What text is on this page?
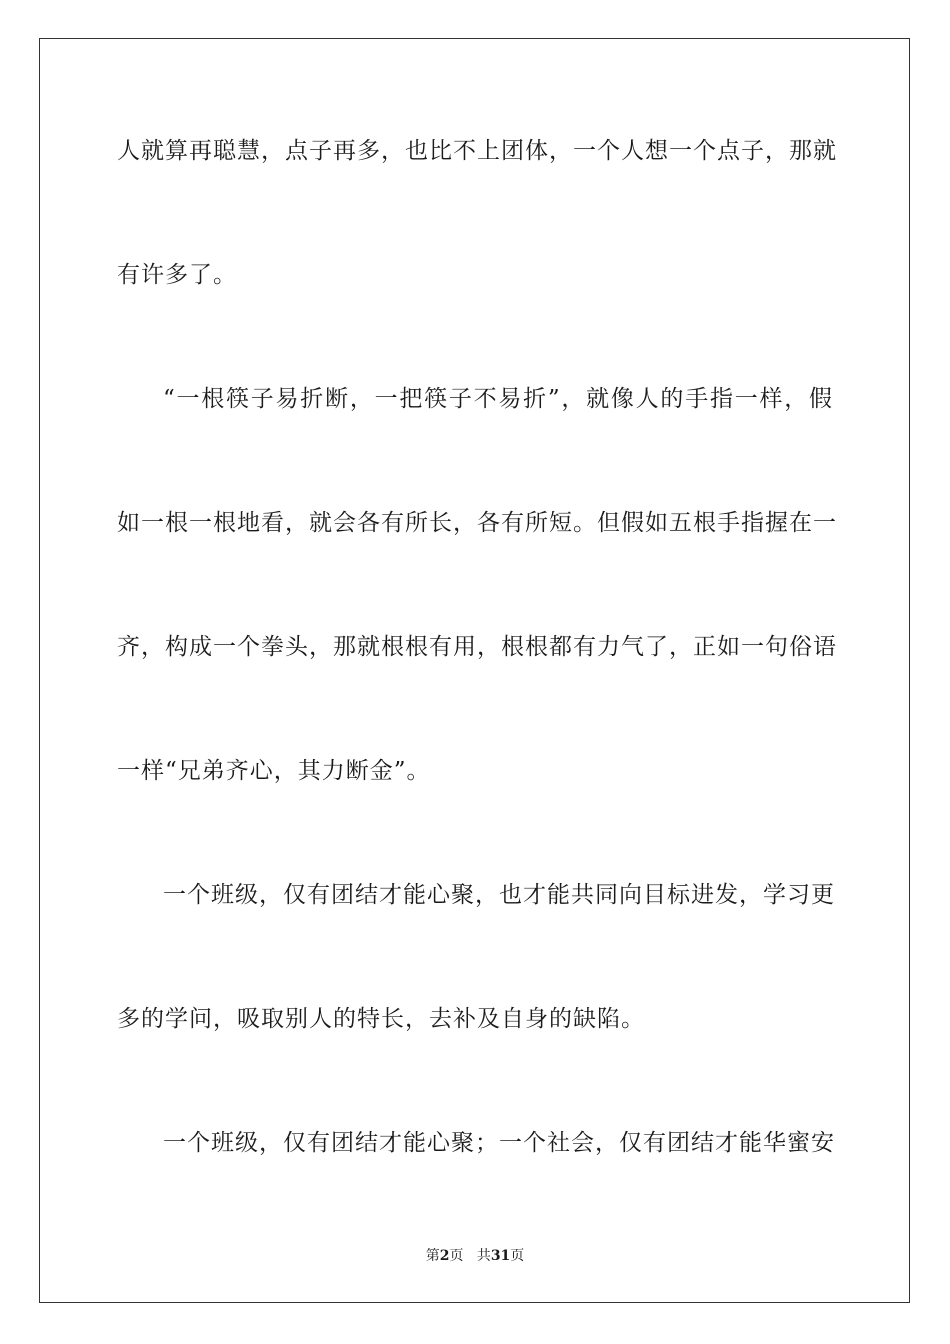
人就算再聪慧，点子再多，也比不上团体，一个人想一个点子，那就
有许多了。
“一根筷子易折断，一把筷子不易折”，就像人的手指一样，假
如一根一根地看，就会各有所长，各有所短。但假如五根手指握在一
齐，构成一个拳头，那就根根有用，根根都有力气了，正如一句俗语
一样“兄弟齐心，其力断金”。
一个班级，仅有团结才能心聚，也才能共同向目标进发，学习更
多的学问，吸取别人的特长，去补及自身的缺陷。
一个班级，仅有团结才能心聚；一个社会，仅有团结才能华蜜安
第2页 共31页
